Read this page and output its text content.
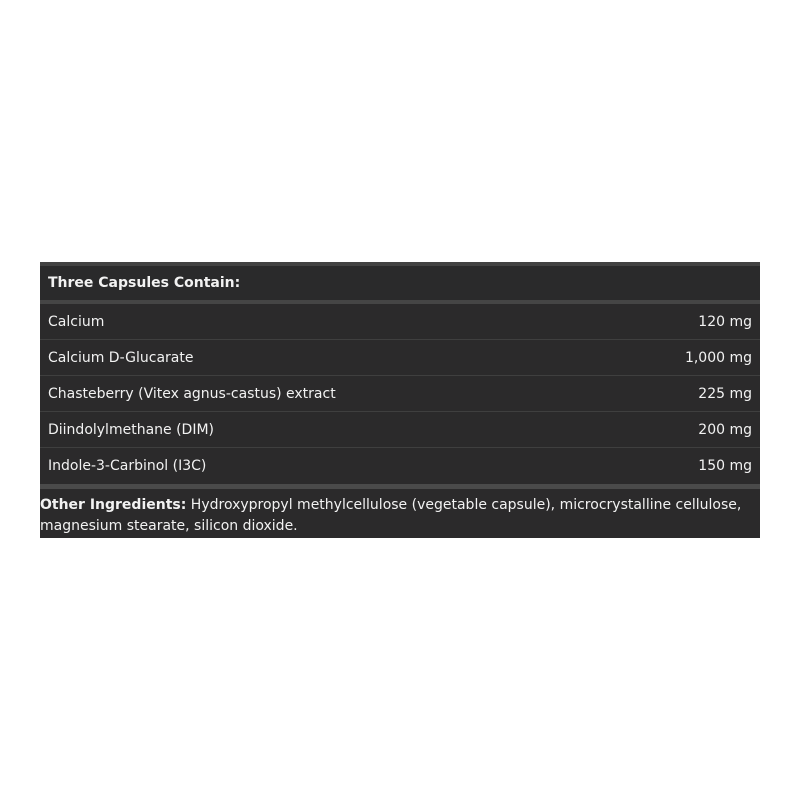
Three Capsules Contain:
Calcium	120 mg
Calcium D-Glucarate	1,000 mg
Chasteberry (Vitex agnus-castus) extract	225 mg
Diindolylmethane (DIM)	200 mg
Indole-3-Carbinol (I3C)	150 mg
Other Ingredients: Hydroxypropyl methylcellulose (vegetable capsule), microcrystalline cellulose, magnesium stearate, silicon dioxide.
